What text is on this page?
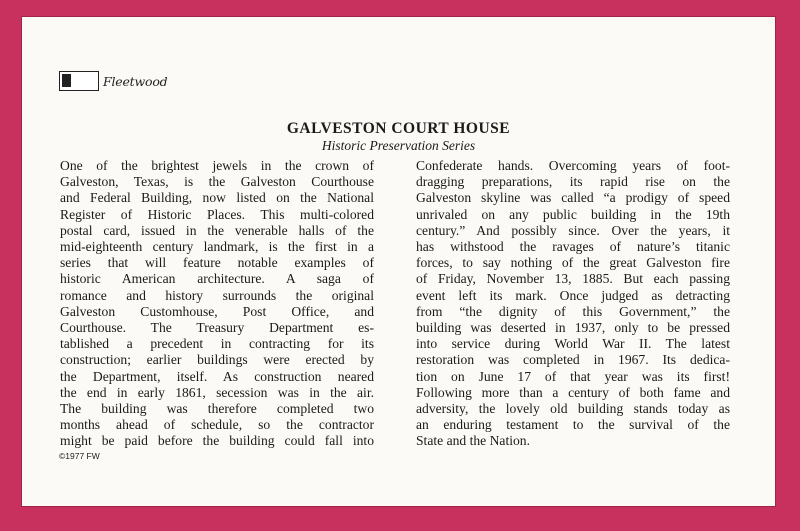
Fleetwood
GALVESTON COURT HOUSE
Historic Preservation Series
One of the brightest jewels in the crown of
Galveston, Texas, is the Galveston Courthouse
and Federal Building, now listed on the National
Register of Historic Places. This multi-colored
postal card, issued in the venerable halls of the
mid-eighteenth century landmark, is the first in a
series that will feature notable examples of
historic American architecture. A saga of
romance and history surrounds the original
Galveston Customhouse, Post Office, and
Courthouse. The Treasury Department es-
tablished a precedent in contracting for its
construction; earlier buildings were erected by
the Department, itself. As construction neared
the end in early 1861, secession was in the air.
The building was therefore completed two
months ahead of schedule, so the contractor
might be paid before the building could fall into
Confederate hands. Overcoming years of foot-
dragging preparations, its rapid rise on the
Galveston skyline was called “a prodigy of speed
unrivaled on any public building in the 19th
century.” And possibly since. Over the years, it
has withstood the ravages of nature’s titanic
forces, to say nothing of the great Galveston fire
of Friday, November 13, 1885. But each passing
event left its mark. Once judged as detracting
from “the dignity of this Government,” the
building was deserted in 1937, only to be pressed
into service during World War II. The latest
restoration was completed in 1967. Its dedica-
tion on June 17 of that year was its first!
Following more than a century of both fame and
adversity, the lovely old building stands today as
an enduring testament to the survival of the
State and the Nation.
©1977 FW
